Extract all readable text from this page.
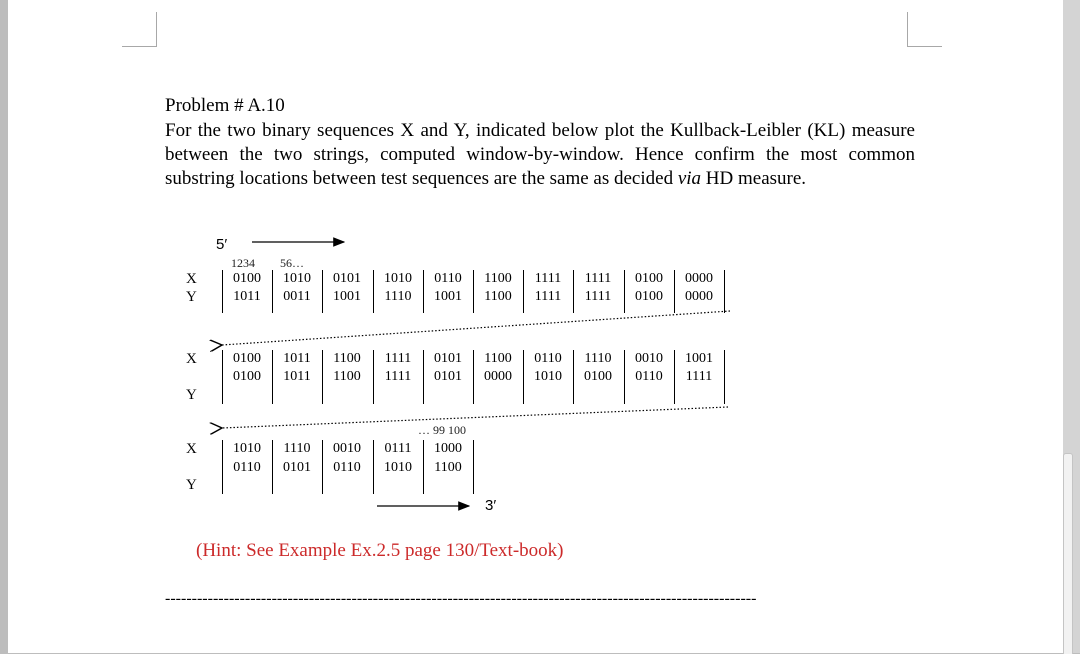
Problem # A.10
For the two binary sequences X and Y, indicated below plot the Kullback-Leibler (KL) measure between the two strings, computed window-by-window. Hence confirm the most common substring locations between test sequences are the same as decided via HD measure.
5′
3′
1234 56…
… 99 100
X
Y
X
Y
X
Y
0100	1010	0101	1010	0110	1100	1111	1111	0100	0000
1011	0011	1001	1110	1001	1100	1111	1111	0100	0000
0100	1011	1100	1111	0101	1100	0110	1110	0010	1001
0100	1011	1100	1111	0101	0000	1010	0100	0110	1111
1010	1110	0010	0111	1000
0110	0101	0110	1010	1100
(Hint: See Example Ex.2.5 page 130/Text-book)
---------------------------------------------------------------------------------------------------------------
